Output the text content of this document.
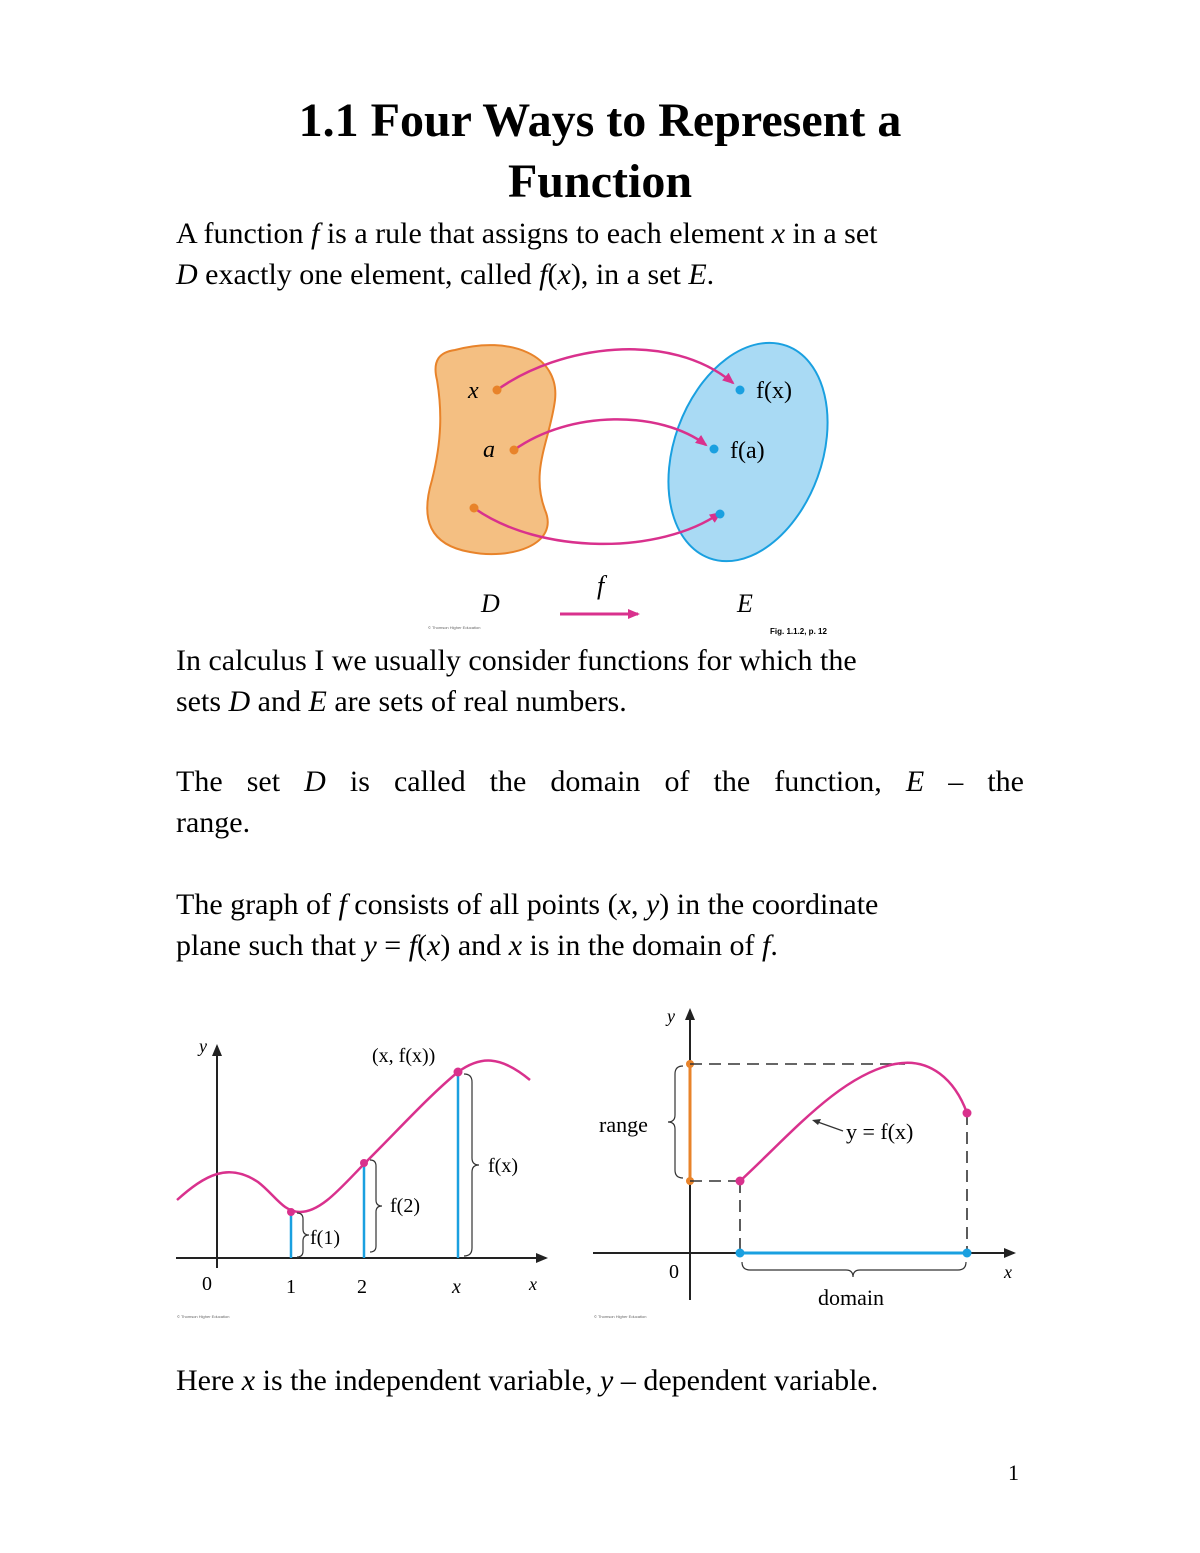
1.1 Four Ways to Represent a
Function

A function f is a rule that assigns to each element x in a set
D exactly one element, called f(x), in a set E.

x
a
f(x)
f(a)
D	E
f
© Thomson Higher Education	Fig. 1.1.2, p. 12

In calculus I we usually consider functions for which the
sets D and E are sets of real numbers.

The set D is called the domain of the function, E – the

range.

The graph of f consists of all points (x, y) in the coordinate
plane such that y = f(x) and x is in the domain of f.

y
x
0	1	2	x
f(1)
f(2)
f(x)
(x, f(x))
© Thomson Higher Education
y
x
0
range
domain
y = f(x)
© Thomson Higher Education

Here x is the independent variable, y – dependent variable.

1
